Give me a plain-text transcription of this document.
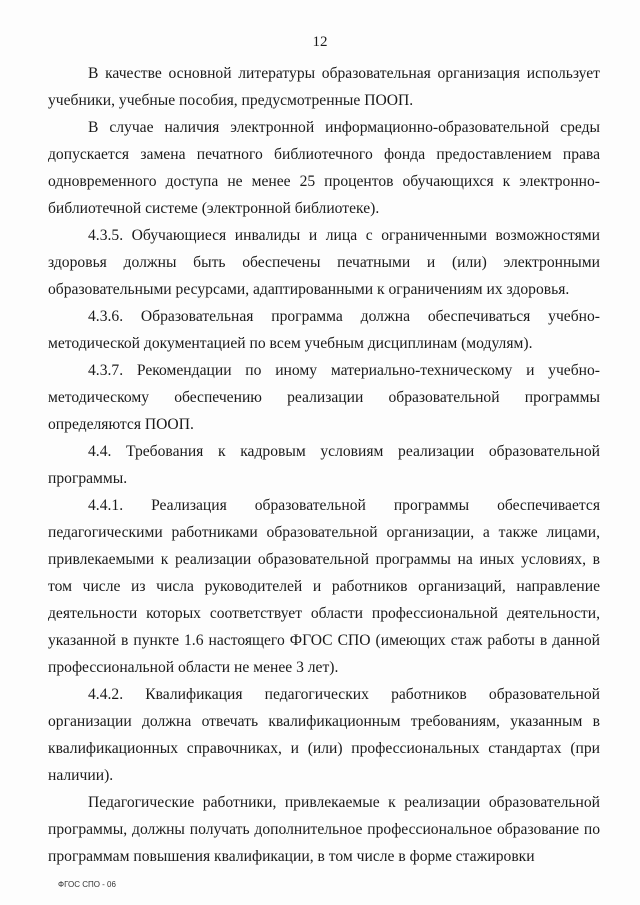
12

В качестве основной литературы образовательная организация использует учебники, учебные пособия, предусмотренные ПООП.

В случае наличия электронной информационно-образовательной среды допускается замена печатного библиотечного фонда предоставлением права одновременного доступа не менее 25 процентов обучающихся к электронно-библиотечной системе (электронной библиотеке).

4.3.5. Обучающиеся инвалиды и лица с ограниченными возможностями здоровья должны быть обеспечены печатными и (или) электронными образовательными ресурсами, адаптированными к ограничениям их здоровья.

4.3.6. Образовательная программа должна обеспечиваться учебно-методической документацией по всем учебным дисциплинам (модулям).

4.3.7. Рекомендации по иному материально-техническому и учебно-методическому обеспечению реализации образовательной программы определяются ПООП.

4.4. Требования к кадровым условиям реализации образовательной программы.

4.4.1. Реализация образовательной программы обеспечивается педагогическими работниками образовательной организации, а также лицами, привлекаемыми к реализации образовательной программы на иных условиях, в том числе из числа руководителей и работников организаций, направление деятельности которых соответствует области профессиональной деятельности, указанной в пункте 1.6 настоящего ФГОС СПО (имеющих стаж работы в данной профессиональной области не менее 3 лет).

4.4.2. Квалификация педагогических работников образовательной организации должна отвечать квалификационным требованиям, указанным в квалификационных справочниках, и (или) профессиональных стандартах (при наличии).

Педагогические работники, привлекаемые к реализации образовательной программы, должны получать дополнительное профессиональное образование по программам повышения квалификации, в том числе в форме стажировки

ФГОС СПО - 06
